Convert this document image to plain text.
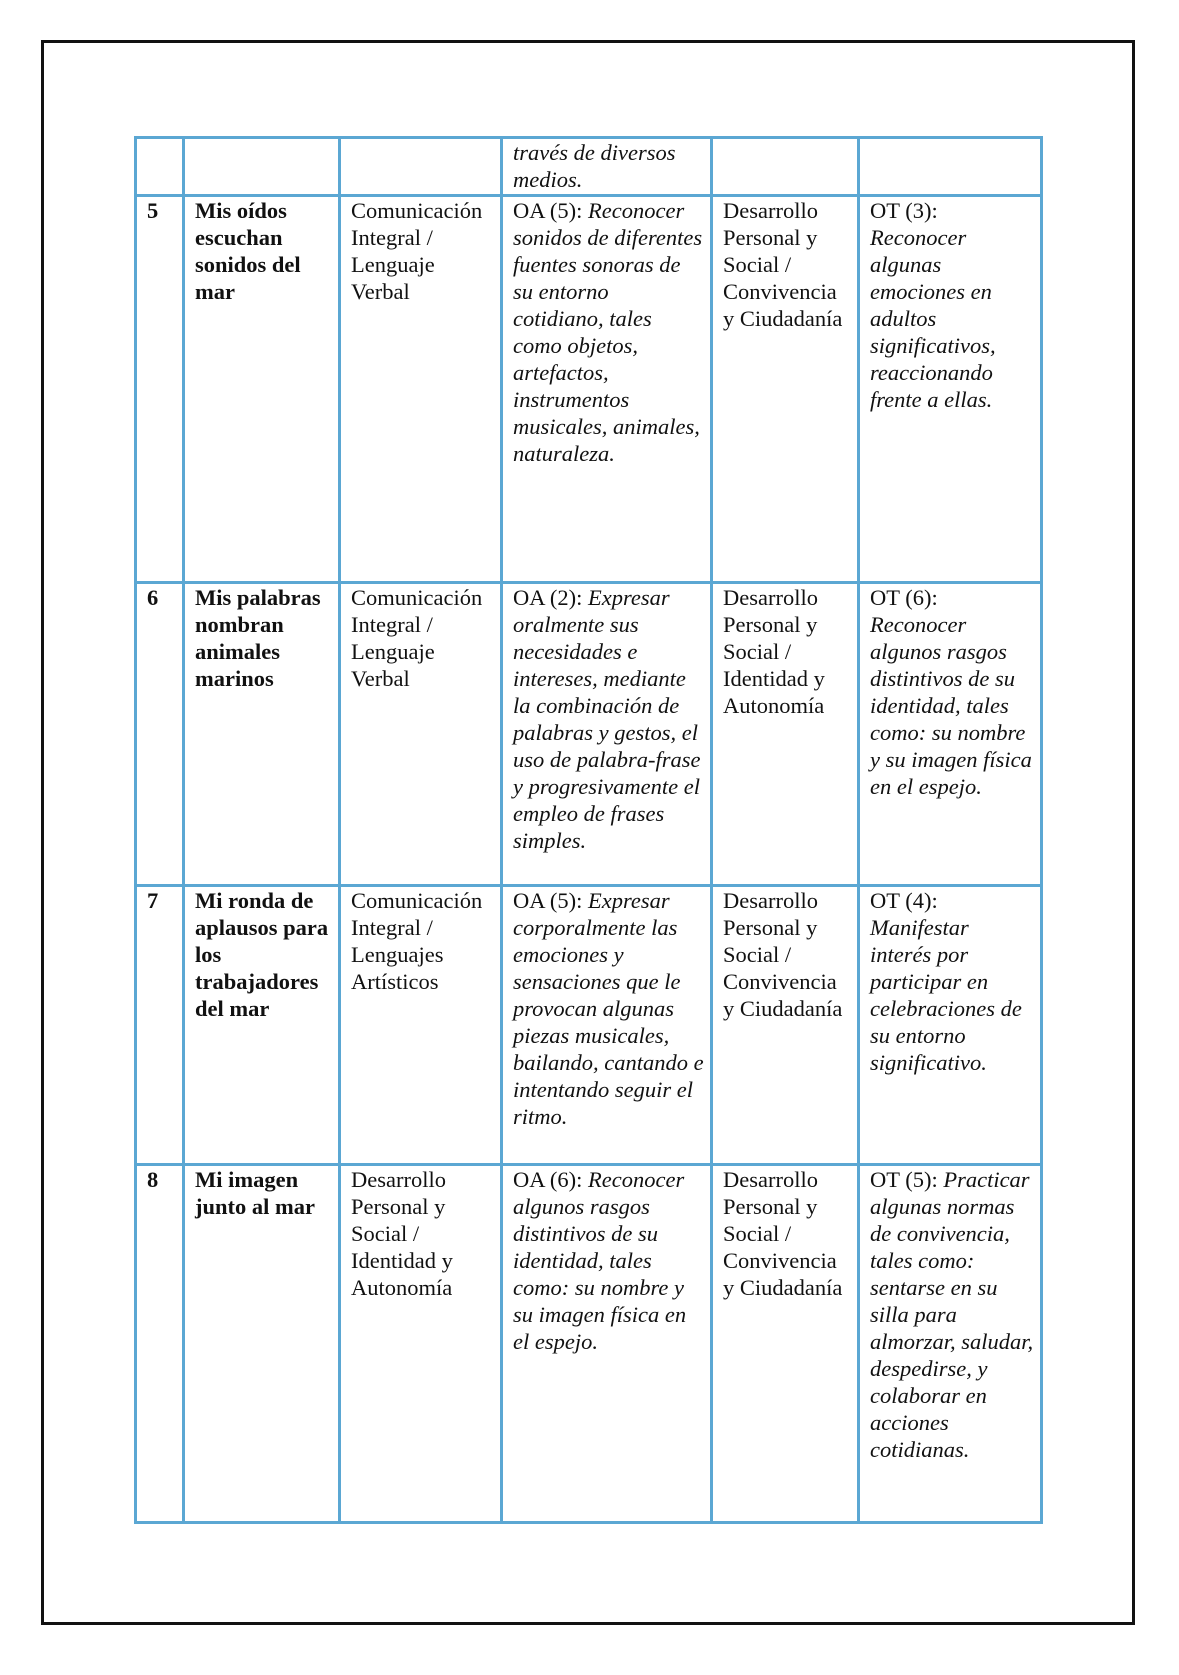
			través de diversos medios.		
5	Mis oídos escuchan sonidos del mar	Comunicación Integral / Lenguaje Verbal	OA (5): Reconocer sonidos de diferentes fuentes sonoras de su entorno cotidiano, tales como objetos, artefactos, instrumentos musicales, animales, naturaleza.	Desarrollo Personal y Social / Convivencia y Ciudadanía	OT (3): Reconocer algunas emociones en adultos significativos, reaccionando frente a ellas.
6	Mis palabras nombran animales marinos	Comunicación Integral / Lenguaje Verbal	OA (2): Expresar oralmente sus necesidades e intereses, mediante la combinación de palabras y gestos, el uso de palabra-frase y progresivamente el empleo de frases simples.	Desarrollo Personal y Social / Identidad y Autonomía	OT (6): Reconocer algunos rasgos distintivos de su identidad, tales como: su nombre y su imagen física en el espejo.
7	Mi ronda de aplausos para los trabajadores del mar	Comunicación Integral / Lenguajes Artísticos	OA (5): Expresar corporalmente las emociones y sensaciones que le provocan algunas piezas musicales, bailando, cantando e intentando seguir el ritmo.	Desarrollo Personal y Social / Convivencia y Ciudadanía	OT (4): Manifestar interés por participar en celebraciones de su entorno significativo.
8	Mi imagen junto al mar	Desarrollo Personal y Social / Identidad y Autonomía	OA (6): Reconocer algunos rasgos distintivos de su identidad, tales como: su nombre y su imagen física en el espejo.	Desarrollo Personal y Social / Convivencia y Ciudadanía	OT (5): Practicar algunas normas de convivencia, tales como: sentarse en su silla para almorzar, saludar, despedirse, y colaborar en acciones cotidianas.
